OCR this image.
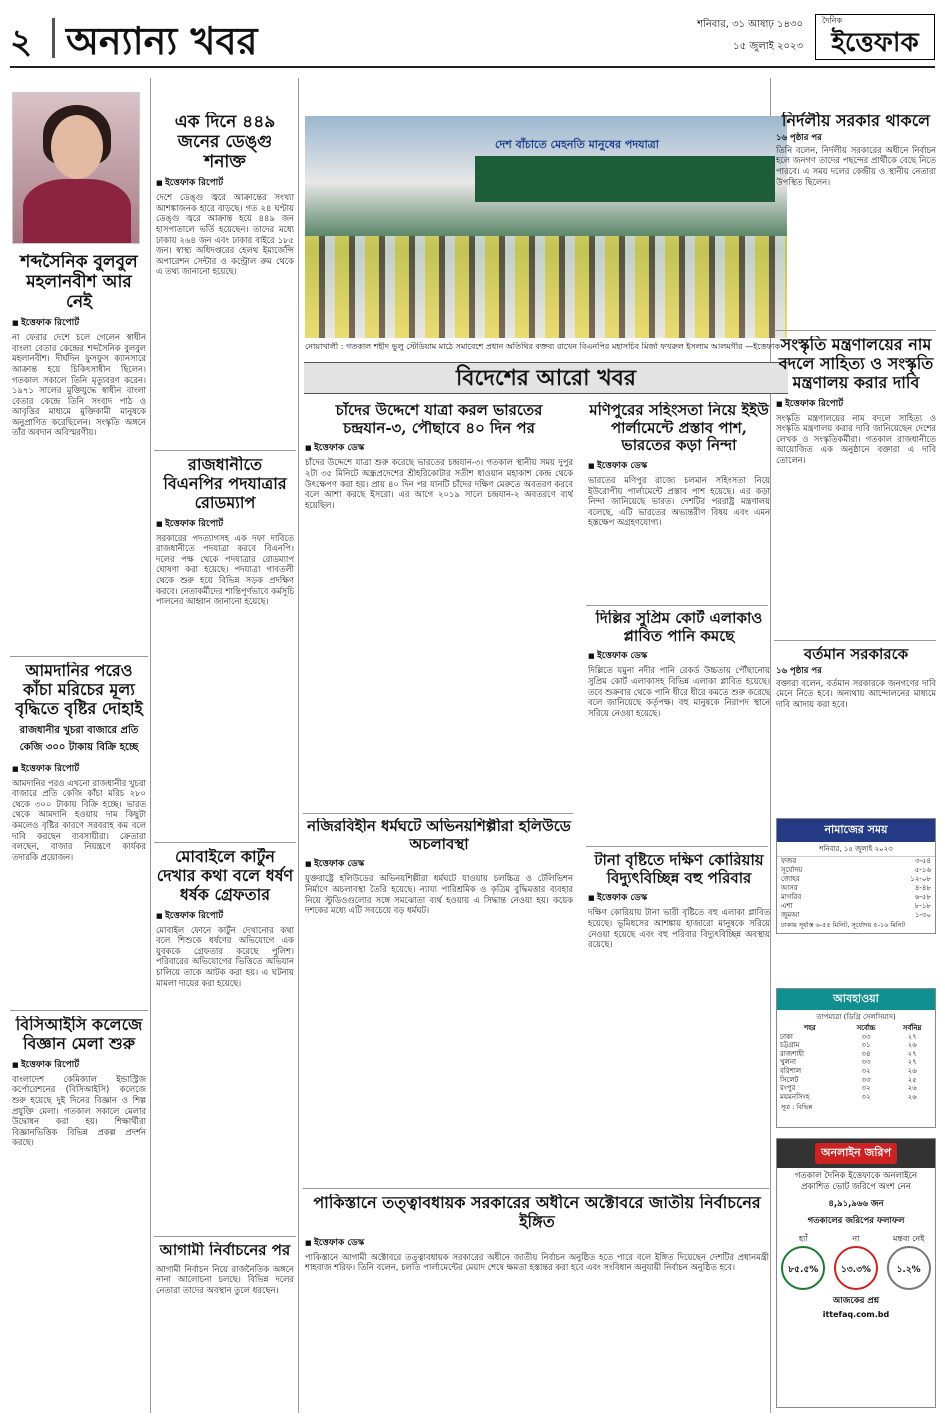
২ অন্যান্য খবর	শনিবার, ৩১ আষাঢ় ১৪৩০
১৫ জুলাই ২০২৩
দৈনিক
ইত্তেফাক
শব্দসৈনিক বুলবুল মহলানবীশ আর নেই
■ ইত্তেফাক রিপোর্ট

না ফেরার দেশে চলে গেলেন স্বাধীন বাংলা বেতার কেন্দ্রের শব্দসৈনিক বুলবুল মহলানবীশ। দীর্ঘদিন ফুসফুস ক্যানসারে আক্রান্ত হয়ে চিকিৎসাধীন ছিলেন। গতকাল সকালে তিনি মৃত্যুবরণ করেন। ১৯৭১ সালের মুক্তিযুদ্ধে স্বাধীন বাংলা বেতার কেন্দ্রে তিনি সংবাদ পাঠ ও আবৃত্তির মাধ্যমে মুক্তিকামী মানুষকে অনুপ্রাণিত করেছিলেন। সংস্কৃতি অঙ্গনে তাঁর অবদান অবিস্মরণীয়।

আমদানির পরেও কাঁচা মরিচের মূল্য বৃদ্ধিতে বৃষ্টির দোহাই
রাজধানীর খুচরা বাজারে প্রতি কেজি ৩০০ টাকায় বিক্রি হচ্ছে
■ ইত্তেফাক রিপোর্ট

আমদানির পরও এখনো রাজধানীর খুচরা বাজারে প্রতি কেজি কাঁচা মরিচ ২৮০ থেকে ৩০০ টাকায় বিক্রি হচ্ছে। ভারত থেকে আমদানি হওয়ায় দাম কিছুটা কমলেও বৃষ্টির কারণে সরবরাহ কম বলে দাবি করছেন ব্যবসায়ীরা। ক্রেতারা বলছেন, বাজার নিয়ন্ত্রণে কার্যকর তদারকি প্রয়োজন।

বিসিআইসি কলেজে বিজ্ঞান মেলা শুরু
■ ইত্তেফাক রিপোর্ট

বাংলাদেশ কেমিক্যাল ইন্ডাস্ট্রিজ কর্পোরেশনের (বিসিআইসি) কলেজে শুরু হয়েছে দুই দিনের বিজ্ঞান ও শিল্প প্রযুক্তি মেলা। গতকাল সকালে মেলার উদ্বোধন করা হয়। শিক্ষার্থীরা বিজ্ঞানভিত্তিক বিভিন্ন প্রকল্প প্রদর্শন করছে।

এক দিনে ৪৪৯ জনের ডেঙ্গু শনাক্ত
■ ইত্তেফাক রিপোর্ট

দেশে ডেঙ্গু জ্বরে আক্রান্তের সংখ্যা আশঙ্কাজনক হারে বাড়ছে। গত ২৪ ঘণ্টায় ডেঙ্গু জ্বরে আক্রান্ত হয়ে ৪৪৯ জন হাসপাতালে ভর্তি হয়েছেন। তাদের মধ্যে ঢাকায় ২৬৪ জন এবং ঢাকার বাইরে ১৮৫ জন। স্বাস্থ্য অধিদপ্তরের হেলথ ইমার্জেন্সি অপারেশন সেন্টার ও কন্ট্রোল রুম থেকে এ তথ্য জানানো হয়েছে।

রাজধানীতে বিএনপির পদযাত্রার রোডম্যাপ
■ ইত্তেফাক রিপোর্ট

সরকারের পদত্যাগসহ এক দফা দাবিতে রাজধানীতে পদযাত্রা করবে বিএনপি। দলের পক্ষ থেকে পদযাত্রার রোডম্যাপ ঘোষণা করা হয়েছে। পদযাত্রা গাবতলী থেকে শুরু হয়ে বিভিন্ন সড়ক প্রদক্ষিণ করবে। নেতাকর্মীদের শান্তিপূর্ণভাবে কর্মসূচি পালনের আহ্বান জানানো হয়েছে।

মোবাইলে কার্টুন দেখার কথা বলে ধর্ষণ ধর্ষক গ্রেফতার
■ ইত্তেফাক রিপোর্ট

মোবাইল ফোনে কার্টুন দেখানোর কথা বলে শিশুকে ধর্ষণের অভিযোগে এক যুবককে গ্রেফতার করেছে পুলিশ। পরিবারের অভিযোগের ভিত্তিতে অভিযান চালিয়ে তাকে আটক করা হয়। এ ঘটনায় মামলা দায়ের করা হয়েছে।

আগামী নির্বাচনের পর

আগামী নির্বাচন নিয়ে রাজনৈতিক অঙ্গনে নানা আলোচনা চলছে। বিভিন্ন দলের নেতারা তাদের অবস্থান তুলে ধরছেন।

দেশ বাঁচাতে মেহনতি মানুষের পদযাত্রা
নোয়াখালী : গতকাল শহীদ ভুলু স্টেডিয়াম মাঠে সমাবেশে প্রধান অতিথির বক্তব্য রাখেন বিএনপির মহাসচিব মির্জা ফখরুল ইসলাম আলমগীর —ইত্তেফাক
বিদেশের আরো খবর
চাঁদের উদ্দেশে যাত্রা করল ভারতের চন্দ্রযান-৩, পৌছাবে ৪০ দিন পর
■ ইত্তেফাক ডেস্ক

চাঁদের উদ্দেশে যাত্রা শুরু করেছে ভারতের চন্দ্রযান-৩। গতকাল স্থানীয় সময় দুপুর ২টা ৩৫ মিনিটে অন্ধ্রপ্রদেশের শ্রীহরিকোটার সতীশ ধাওয়ান মহাকাশ কেন্দ্র থেকে উৎক্ষেপণ করা হয়। প্রায় ৪০ দিন পর যানটি চাঁদের দক্ষিণ মেরুতে অবতরণ করবে বলে আশা করছে ইসরো। এর আগে ২০১৯ সালে চন্দ্রযান-২ অবতরণে ব্যর্থ হয়েছিল।

মণিপুরের সহিংসতা নিয়ে ইইউ পার্লামেন্টে প্রস্তাব পাশ, ভারতের কড়া নিন্দা
■ ইত্তেফাক ডেস্ক

ভারতের মণিপুর রাজ্যে চলমান সহিংসতা নিয়ে ইউরোপীয় পার্লামেন্টে প্রস্তাব পাশ হয়েছে। এর কড়া নিন্দা জানিয়েছে ভারত। দেশটির পররাষ্ট্র মন্ত্রণালয় বলেছে, এটি ভারতের অভ্যন্তরীণ বিষয় এবং এমন হস্তক্ষেপ অগ্রহণযোগ্য।

দিল্লির সুপ্রিম কোর্ট এলাকাও প্লাবিত পানি কমছে
■ ইত্তেফাক ডেস্ক

দিল্লিতে যমুনা নদীর পানি রেকর্ড উচ্চতায় পৌঁছানোয় সুপ্রিম কোর্ট এলাকাসহ বিভিন্ন এলাকা প্লাবিত হয়েছে। তবে শুক্রবার থেকে পানি ধীরে ধীরে কমতে শুরু করেছে বলে জানিয়েছে কর্তৃপক্ষ। বহু মানুষকে নিরাপদ স্থানে সরিয়ে নেওয়া হয়েছে।

নজিরবিহীন ধর্মঘটে অভিনয়শিল্পীরা হলিউডে অচলাবস্থা
■ ইত্তেফাক ডেস্ক

যুক্তরাষ্ট্রে হলিউডের অভিনয়শিল্পীরা ধর্মঘটে যাওয়ায় চলচ্চিত্র ও টেলিভিশন নির্মাণে অচলাবস্থা তৈরি হয়েছে। ন্যায্য পারিশ্রমিক ও কৃত্রিম বুদ্ধিমত্তার ব্যবহার নিয়ে স্টুডিওগুলোর সঙ্গে সমঝোতা ব্যর্থ হওয়ায় এ সিদ্ধান্ত নেওয়া হয়। কয়েক দশকের মধ্যে এটি সবচেয়ে বড় ধর্মঘট।

টানা বৃষ্টিতে দক্ষিণ কোরিয়ায় বিদ্যুৎবিচ্ছিন্ন বহু পরিবার
■ ইত্তেফাক ডেস্ক

দক্ষিণ কোরিয়ায় টানা ভারী বৃষ্টিতে বহু এলাকা প্লাবিত হয়েছে। ভূমিধসের আশঙ্কায় হাজারো মানুষকে সরিয়ে নেওয়া হয়েছে এবং বহু পরিবার বিদ্যুৎবিচ্ছিন্ন অবস্থায় রয়েছে।

পাকিস্তানে তত্ত্বাবধায়ক সরকারের অধীনে অক্টোবরে জাতীয় নির্বাচনের ইঙ্গিত
■ ইত্তেফাক ডেস্ক

পাকিস্তানে আগামী অক্টোবরে তত্ত্বাবধায়ক সরকারের অধীনে জাতীয় নির্বাচন অনুষ্ঠিত হতে পারে বলে ইঙ্গিত দিয়েছেন দেশটির প্রধানমন্ত্রী শাহবাজ শরিফ। তিনি বলেন, চলতি পার্লামেন্টের মেয়াদ শেষে ক্ষমতা হস্তান্তর করা হবে এবং সংবিধান অনুযায়ী নির্বাচন অনুষ্ঠিত হবে।

নির্দলীয় সরকার থাকলে
১৬ পৃষ্ঠার পর

তিনি বলেন, নির্দলীয় সরকারের অধীনে নির্বাচন হলে জনগণ তাদের পছন্দের প্রার্থীকে বেছে নিতে পারবে। এ সময় দলের কেন্দ্রীয় ও স্থানীয় নেতারা উপস্থিত ছিলেন।

সংস্কৃতি মন্ত্রণালয়ের নাম বদলে সাহিত্য ও সংস্কৃতি মন্ত্রণালয় করার দাবি
■ ইত্তেফাক রিপোর্ট

সংস্কৃতি মন্ত্রণালয়ের নাম বদলে সাহিত্য ও সংস্কৃতি মন্ত্রণালয় করার দাবি জানিয়েছেন দেশের লেখক ও সংস্কৃতিকর্মীরা। গতকাল রাজধানীতে আয়োজিত এক অনুষ্ঠানে বক্তারা এ দাবি তোলেন।

বর্তমান সরকারকে
১৬ পৃষ্ঠার পর

বক্তারা বলেন, বর্তমান সরকারকে জনগণের দাবি মেনে নিতে হবে। অন্যথায় আন্দোলনের মাধ্যমে দাবি আদায় করা হবে।

নামাজের সময়
শনিবার, ১৫ জুলাই ২০২৩
ফজর	৩-৫৪
সূর্যোদয়	৫-১৬
জোহর	১২-০৮
আসর	৪-৪৮
মাগরিব	৬-৫৮
এশা	৮-১৮
জুমআ	১-৩০
ঢাকায় সূর্যাস্ত ৬-৫৫ মিনিট, সূর্যোদয় ৫-১৬ মিনিট
আবহাওয়া
তাপমাত্রা (ডিগ্রি সেলসিয়াস)
শহর	সর্বোচ্চ	সর্বনিম্ন
ঢাকা	৩৩	২৭
চট্টগ্রাম	৩১	২৬
রাজশাহী	৩৪	২৭
খুলনা	৩৩	২৭
বরিশাল	৩২	২৬
সিলেট	৩৩	২৫
রংপুর	৩২	২৬
ময়মনসিংহ	৩২	২৬
সূত্র : বিভিন্ন
অনলাইন জরিপ

গতকাল দৈনিক ইত্তেফাকে অনলাইনে প্রকাশিত ভোট জরিপে অংশ নেন

৪,৯১,৯৬৬ জন

গতকালের জরিপের ফলাফল

হ্যাঁ
৮৫.৫%
না
১৩.৩%
মন্তব্য নেই
১.২%

আজকের প্রশ্ন

ittefaq.com.bd
